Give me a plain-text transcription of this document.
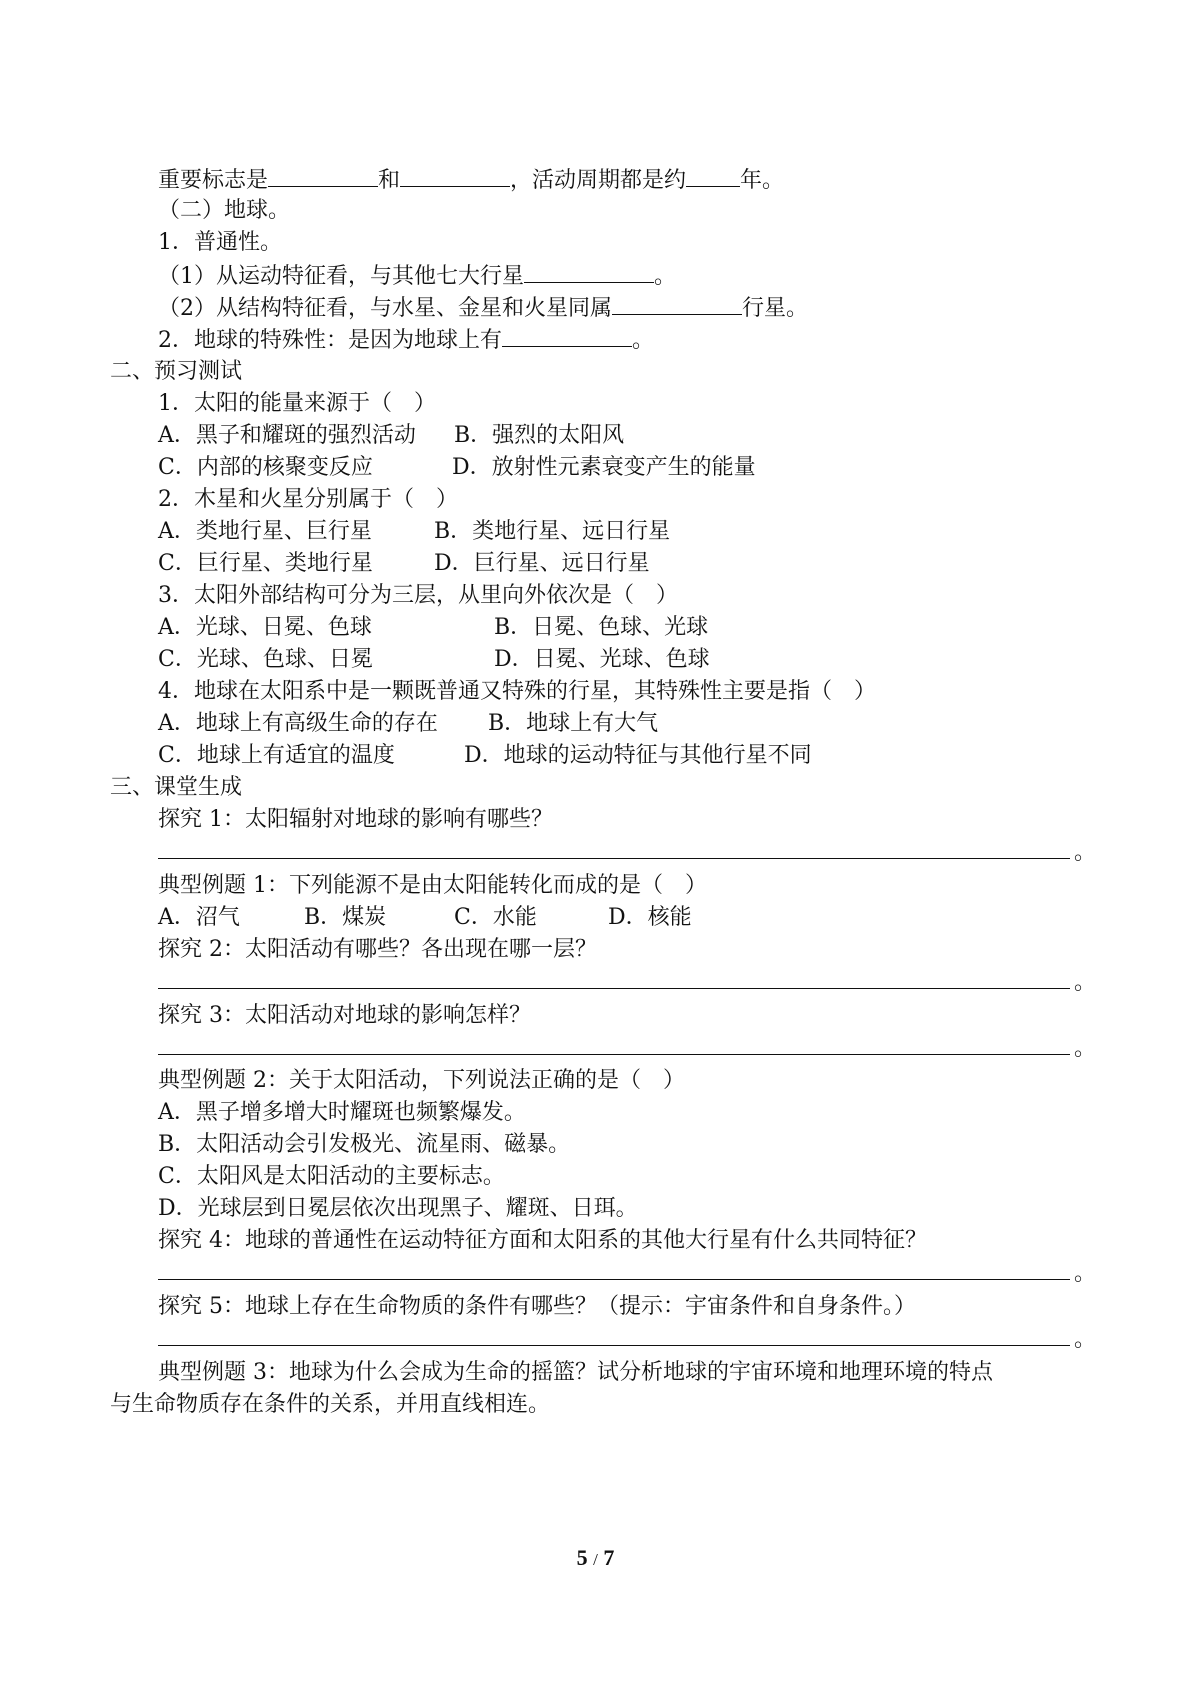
重要标志是	和	，活动周期都是约 年。
（二）地球。
1．普通性。
（1）从运动特征看，与其他七大行星	。
（2）从结构特征看，与水星、金星和火星同属	行星。
2．地球的特殊性：是因为地球上有	。
二、预习测试
1．太阳的能量来源于（　）
A．黑子和耀斑的强烈活动 B．强烈的太阳风
C．内部的核聚变反应	D．放射性元素衰变产生的能量
2．木星和火星分别属于（　）
A．类地行星、巨行星	B．类地行星、远日行星
C．巨行星、类地行星	D．巨行星、远日行星
3．太阳外部结构可分为三层，从里向外依次是（　）
A．光球、日冕、色球	B．日冕、色球、光球
C．光球、色球、日冕	D．日冕、光球、色球
4．地球在太阳系中是一颗既普通又特殊的行星，其特殊性主要是指（　）
A．地球上有高级生命的存在 B．地球上有大气
C．地球上有适宜的温度	D．地球的运动特征与其他行星不同
三、课堂生成
探究 1：太阳辐射对地球的影响有哪些？
。
典型例题 1：下列能源不是由太阳能转化而成的是（　）
A．沼气	B．煤炭	C．水能	D．核能
探究 2：太阳活动有哪些？各出现在哪一层？
。
探究 3：太阳活动对地球的影响怎样？
。
典型例题 2：关于太阳活动，下列说法正确的是（　）
A．黑子增多增大时耀斑也频繁爆发。
B．太阳活动会引发极光、流星雨、磁暴。
C．太阳风是太阳活动的主要标志。
D．光球层到日冕层依次出现黑子、耀斑、日珥。
探究 4：地球的普通性在运动特征方面和太阳系的其他大行星有什么共同特征？
。
探究 5：地球上存在生命物质的条件有哪些？（提示：宇宙条件和自身条件。）
。
典型例题 3：地球为什么会成为生命的摇篮？试分析地球的宇宙环境和地理环境的特点
与生命物质存在条件的关系，并用直线相连。
5 / 7
